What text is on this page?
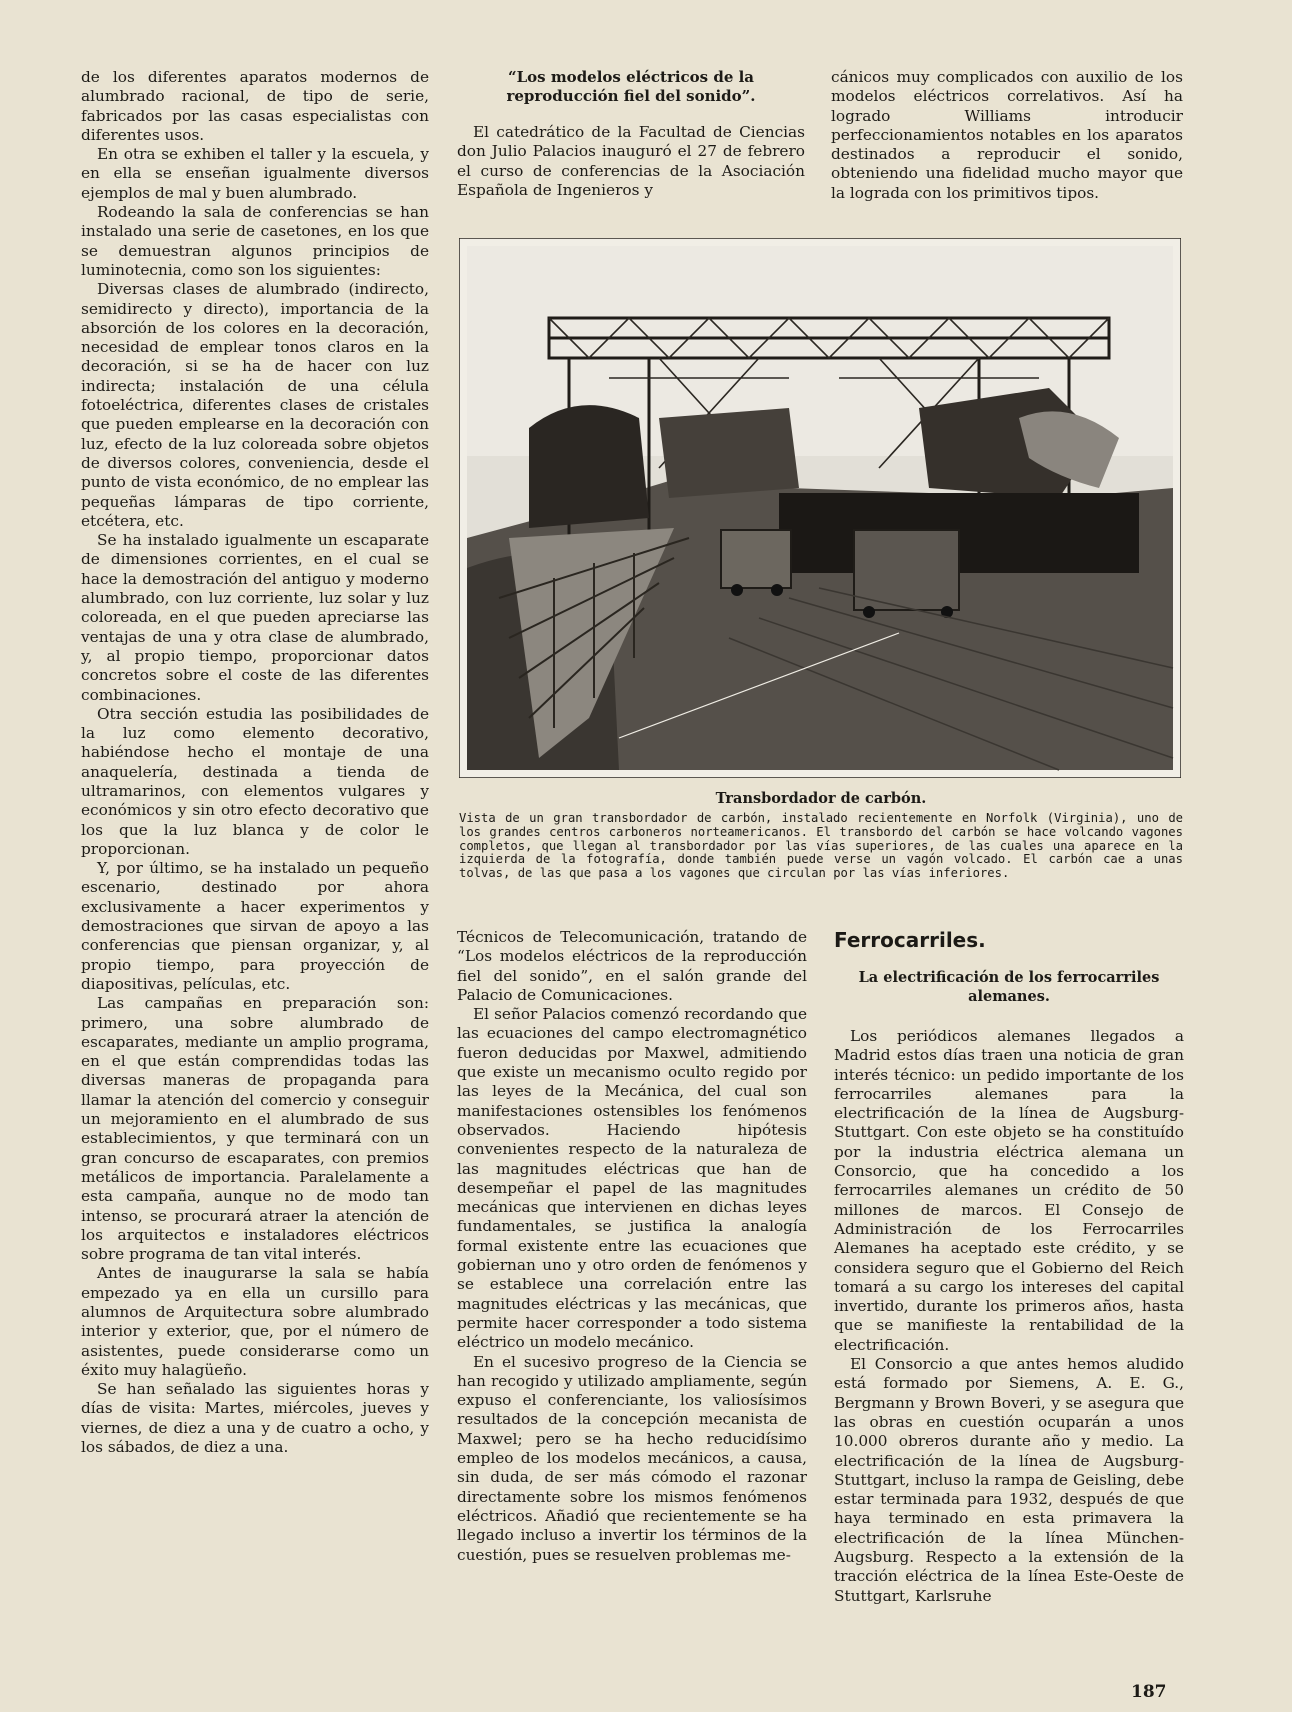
de los diferentes aparatos modernos de alumbrado racional, de tipo de serie, fabricados por las casas especialistas con diferentes usos.

En otra se exhiben el taller y la escuela, y en ella se enseñan igualmente diversos ejemplos de mal y buen alumbrado.

Rodeando la sala de conferencias se han instalado una serie de casetones, en los que se demuestran algunos principios de luminotecnia, como son los siguientes:

Diversas clases de alumbrado (indirecto, semidirecto y directo), importancia de la absorción de los colores en la decoración, necesidad de emplear tonos claros en la decoración, si se ha de hacer con luz indirecta; instalación de una célula fotoeléctrica, diferentes clases de cristales que pueden emplearse en la decoración con luz, efecto de la luz coloreada sobre objetos de diversos colores, conveniencia, desde el punto de vista económico, de no emplear las pequeñas lámparas de tipo corriente, etcétera, etc.

Se ha instalado igualmente un escaparate de dimensiones corrientes, en el cual se hace la demostración del antiguo y moderno alumbrado, con luz corriente, luz solar y luz coloreada, en el que pueden apreciarse las ventajas de una y otra clase de alumbrado, y, al propio tiempo, proporcionar datos concretos sobre el coste de las diferentes combinaciones.

Otra sección estudia las posibilidades de la luz como elemento decorativo, habiéndose hecho el montaje de una anaquelería, destinada a tienda de ultramarinos, con elementos vulgares y económicos y sin otro efecto decorativo que los que la luz blanca y de color le proporcionan.

Y, por último, se ha instalado un pequeño escenario, destinado por ahora exclusivamente a hacer experimentos y demostraciones que sirvan de apoyo a las conferencias que piensan organizar, y, al propio tiempo, para proyección de diapositivas, películas, etc.

Las campañas en preparación son: primero, una sobre alumbrado de escaparates, mediante un amplio programa, en el que están comprendidas todas las diversas maneras de propaganda para llamar la atención del comercio y conseguir un mejoramiento en el alumbrado de sus establecimientos, y que terminará con un gran concurso de escaparates, con premios metálicos de importancia. Paralelamente a esta campaña, aunque no de modo tan intenso, se procurará atraer la atención de los arquitectos e instaladores eléctricos sobre programa de tan vital interés.

Antes de inaugurarse la sala se había empezado ya en ella un cursillo para alumnos de Arquitectura sobre alumbrado interior y exterior, que, por el número de asistentes, puede considerarse como un éxito muy halagüeño.

Se han señalado las siguientes horas y días de visita: Martes, miércoles, jueves y viernes, de diez a una y de cuatro a ocho, y los sábados, de diez a una.

“Los modelos eléctricos de la reproducción fiel del sonido”.

El catedrático de la Facultad de Ciencias don Julio Palacios inauguró el 27 de febrero el curso de conferencias de la Asociación Española de Ingenieros y

cánicos muy complicados con auxilio de los modelos eléctricos correlativos. Así ha logrado Williams introducir perfeccionamientos notables en los aparatos destinados a reproducir el sonido, obteniendo una fidelidad mucho mayor que la lograda con los primitivos tipos.

Transbordador de carbón.

Vista de un gran transbordador de carbón, instalado recientemente en Norfolk (Virginia), uno de los grandes centros carboneros norteamericanos. El transbordo del carbón se hace volcando vagones completos, que llegan al transbordador por las vías superiores, de las cuales una aparece en la izquierda de la fotografía, donde también puede verse un vagón volcado. El carbón cae a unas tolvas, de las que pasa a los vagones que circulan por las vías inferiores.

Técnicos de Telecomunicación, tratando de “Los modelos eléctricos de la reproducción fiel del sonido”, en el salón grande del Palacio de Comunicaciones.

El señor Palacios comenzó recordando que las ecuaciones del campo electromagnético fueron deducidas por Maxwel, admitiendo que existe un mecanismo oculto regido por las leyes de la Mecánica, del cual son manifestaciones ostensibles los fenómenos observados. Haciendo hipótesis convenientes respecto de la naturaleza de las magnitudes eléctricas que han de desempeñar el papel de las magnitudes mecánicas que intervienen en dichas leyes fundamentales, se justifica la analogía formal existente entre las ecuaciones que gobiernan uno y otro orden de fenómenos y se establece una correlación entre las magnitudes eléctricas y las mecánicas, que permite hacer corresponder a todo sistema eléctrico un modelo mecánico.

En el sucesivo progreso de la Ciencia se han recogido y utilizado ampliamente, según expuso el conferenciante, los valiosísimos resultados de la concepción mecanista de Maxwel; pero se ha hecho reducidísimo empleo de los modelos mecánicos, a causa, sin duda, de ser más cómodo el razonar directamente sobre los mismos fenómenos eléctricos. Añadió que recientemente se ha llegado incluso a invertir los términos de la cuestión, pues se resuelven problemas me-

Ferrocarriles.
La electrificación de los ferrocarriles alemanes.

Los periódicos alemanes llegados a Madrid estos días traen una noticia de gran interés técnico: un pedido importante de los ferrocarriles alemanes para la electrificación de la línea de Augsburg-Stuttgart. Con este objeto se ha constituído por la industria eléctrica alemana un Consorcio, que ha concedido a los ferrocarriles alemanes un crédito de 50 millones de marcos. El Consejo de Administración de los Ferrocarriles Alemanes ha aceptado este crédito, y se considera seguro que el Gobierno del Reich tomará a su cargo los intereses del capital invertido, durante los primeros años, hasta que se manifieste la rentabilidad de la electrificación.

El Consorcio a que antes hemos aludido está formado por Siemens, A. E. G., Bergmann y Brown Boveri, y se asegura que las obras en cuestión ocuparán a unos 10.000 obreros durante año y medio. La electrificación de la línea de Augsburg-Stuttgart, incluso la rampa de Geisling, debe estar terminada para 1932, después de que haya terminado en esta primavera la electrificación de la línea München-Augsburg. Respecto a la extensión de la tracción eléctrica de la línea Este-Oeste de Stuttgart, Karlsruhe

187
